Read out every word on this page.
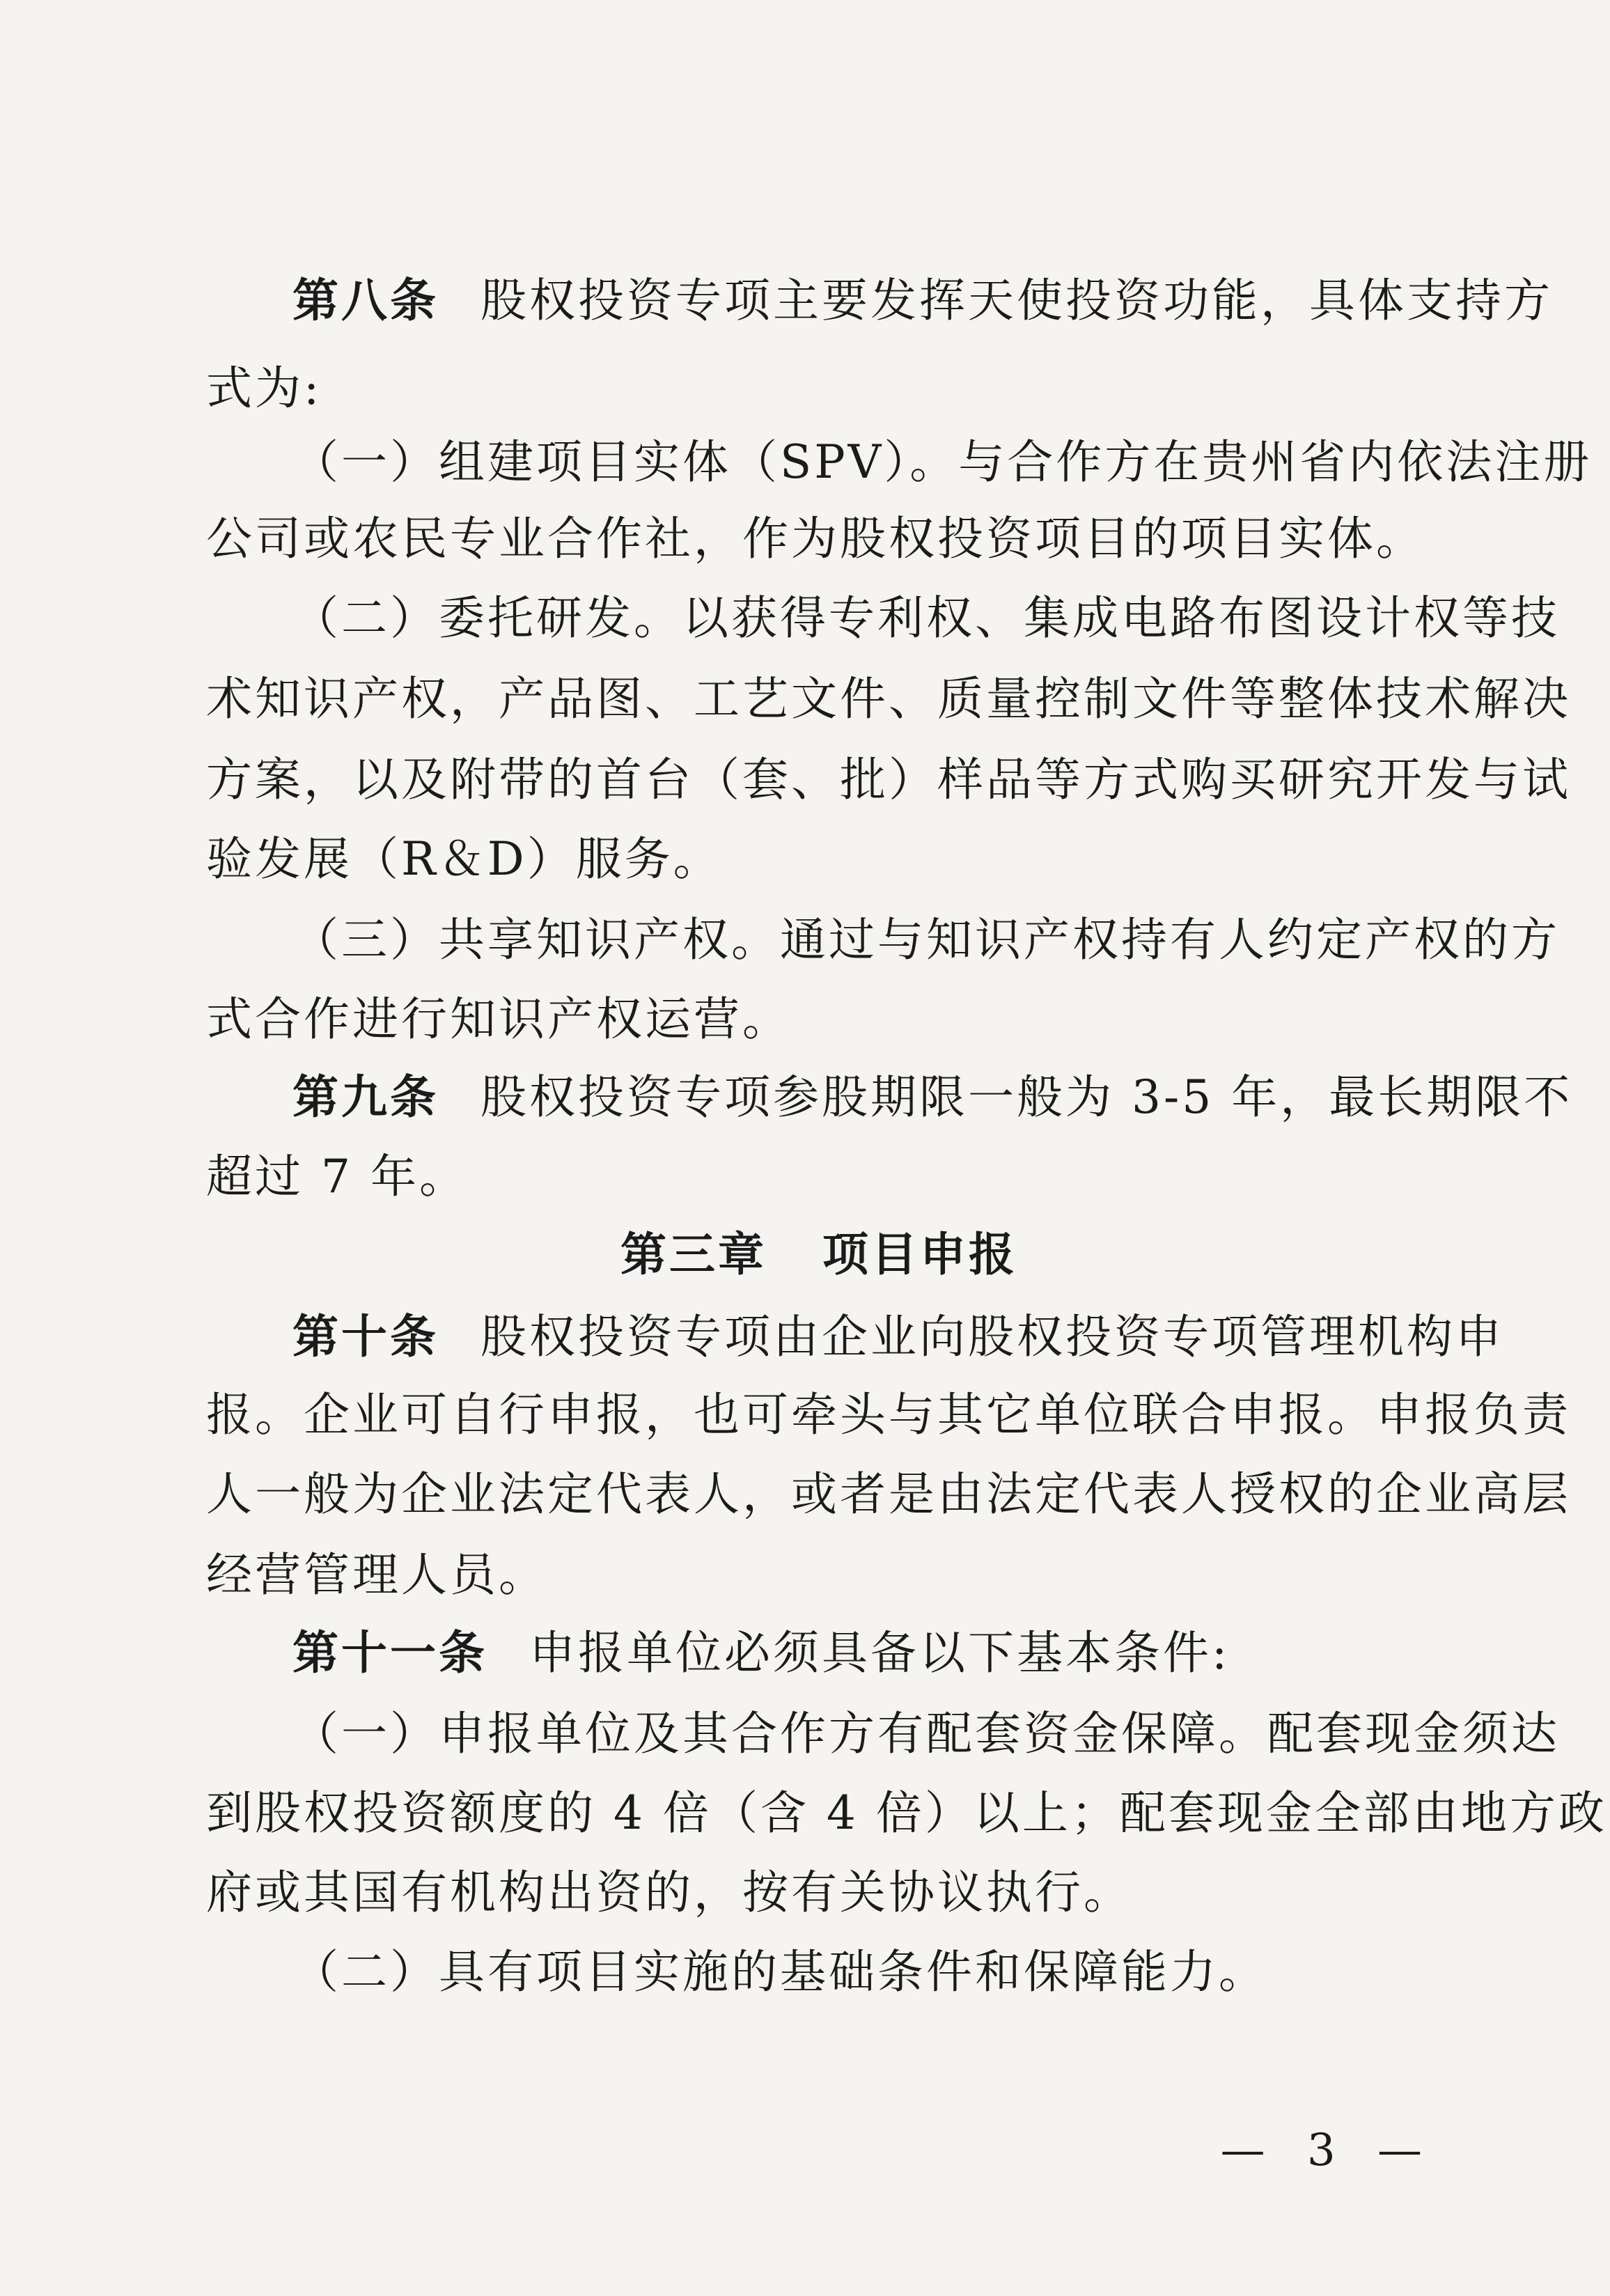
第八条 股权投资专项主要发挥天使投资功能，具体支持方
式为:
（一）组建项目实体（SPV）。与合作方在贵州省内依法注册
公司或农民专业合作社，作为股权投资项目的项目实体。
（二）委托研发。以获得专利权、集成电路布图设计权等技
术知识产权，产品图、工艺文件、质量控制文件等整体技术解决
方案，以及附带的首台（套、批）样品等方式购买研究开发与试
验发展（R＆D）服务。
（三）共享知识产权。通过与知识产权持有人约定产权的方
式合作进行知识产权运营。
第九条 股权投资专项参股期限一般为 3-5 年，最长期限不
超过 7 年。
第三章 项目申报
第十条 股权投资专项由企业向股权投资专项管理机构申
报。企业可自行申报，也可牵头与其它单位联合申报。申报负责
人一般为企业法定代表人，或者是由法定代表人授权的企业高层
经营管理人员。
第十一条 申报单位必须具备以下基本条件:
（一）申报单位及其合作方有配套资金保障。配套现金须达
到股权投资额度的 4 倍（含 4 倍）以上；配套现金全部由地方政
府或其国有机构出资的，按有关协议执行。
（二）具有项目实施的基础条件和保障能力。
— 3 —
